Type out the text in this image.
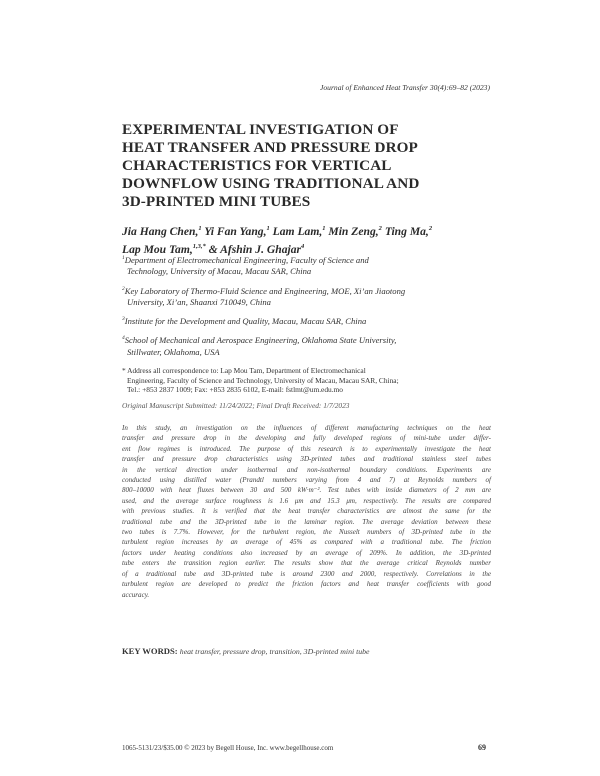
Journal of Enhanced Heat Transfer 30(4):69–82 (2023)
EXPERIMENTAL INVESTIGATION OF
HEAT TRANSFER AND PRESSURE DROP
CHARACTERISTICS FOR VERTICAL
DOWNFLOW USING TRADITIONAL AND
3D-PRINTED MINI TUBES
Jia Hang Chen,$^1$ Yi Fan Yang,$^1$ Lam Lam,$^1$ Min Zeng,$^2$ Ting Ma,$^2$
Lap Mou Tam,$^{1,3,*}$ & Afshin J. Ghajar$^4$
$^1$Department of Electromechanical Engineering, Faculty of Science and
Technology, University of Macau, Macau SAR, China
$^2$Key Laboratory of Thermo-Fluid Science and Engineering, MOE, Xi’an Jiaotong
University, Xi’an, Shaanxi 710049, China
$^3$Institute for the Development and Quality, Macau, Macau SAR, China
$^4$School of Mechanical and Aerospace Engineering, Oklahoma State University,
Stillwater, Oklahoma, USA
* Address all correspondence to: Lap Mou Tam, Department of Electromechanical
Engineering, Faculty of Science and Technology, University of Macau, Macau SAR, China;
Tel.: +853 2837 1009; Fax: +853 2835 6102, E-mail: fstlmt@um.edu.mo
Original Manuscript Submitted: 11/24/2022; Final Draft Received: 1/7/2023
In this study, an investigation on the influences of different manufacturing techniques on the heat
transfer and pressure drop in the developing and fully developed regions of mini-tube under differ-
ent flow regimes is introduced. The purpose of this research is to experimentally investigate the heat
transfer and pressure drop characteristics using 3D-printed tubes and traditional stainless steel tubes
in the vertical direction under isothermal and non-isothermal boundary conditions. Experiments are
conducted using distilled water (Prandtl numbers varying from 4 and 7) at Reynolds numbers of
800–10000 with heat fluxes between 30 and 500 kW·m⁻². Test tubes with inside diameters of 2 mm are
used, and the average surface roughness is 1.6 μm and 15.3 μm, respectively. The results are compared
with previous studies. It is verified that the heat transfer characteristics are almost the same for the
traditional tube and the 3D-printed tube in the laminar region. The average deviation between these
two tubes is 7.7%. However, for the turbulent region, the Nusselt numbers of 3D-printed tube in the
turbulent region increases by an average of 45% as compared with a traditional tube. The friction
factors under heating conditions also increased by an average of 209%. In addition, the 3D-printed
tube enters the transition region earlier. The results show that the average critical Reynolds number
of a traditional tube and 3D-printed tube is around 2300 and 2000, respectively. Correlations in the
turbulent region are developed to predict the friction factors and heat transfer coefficients with good
accuracy.
KEY WORDS: heat transfer, pressure drop, transition, 3D-printed mini tube
1065-5131/23/$35.00 © 2023 by Begell House, Inc. www.begellhouse.com	69
